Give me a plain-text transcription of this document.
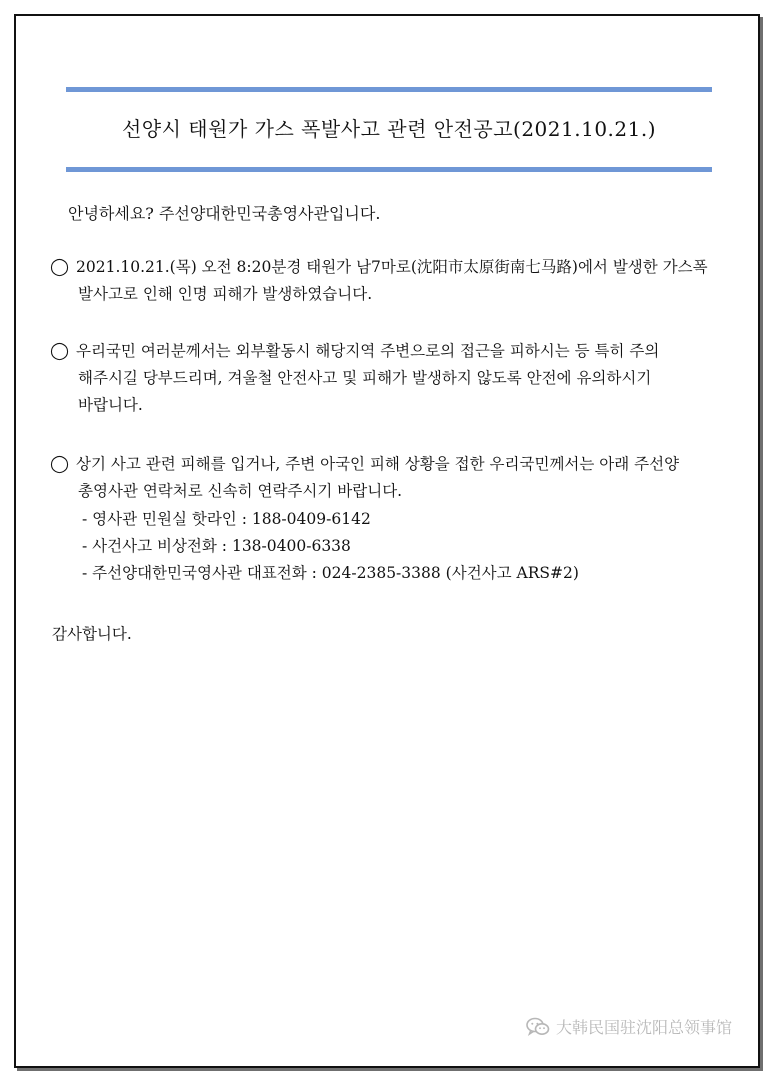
선양시 태원가 가스 폭발사고 관련 안전공고(2021.10.21.)
안녕하세요? 주선양대한민국총영사관입니다.
◯ 2021.10.21.(목) 오전 8:20분경 태원가 남7마로(沈阳市太原街南七马路)에서 발생한 가스폭
발사고로 인해 인명 피해가 발생하였습니다.
◯ 우리국민 여러분께서는 외부활동시 해당지역 주변으로의 접근을 피하시는 등 특히 주의
해주시길 당부드리며, 겨울철 안전사고 및 피해가 발생하지 않도록 안전에 유의하시기
바랍니다.
◯ 상기 사고 관련 피해를 입거나, 주변 아국인 피해 상황을 접한 우리국민께서는 아래 주선양
총영사관 연락처로 신속히 연락주시기 바랍니다.
- 영사관 민원실 핫라인 : 188-0409-6142
- 사건사고 비상전화 : 138-0400-6338
- 주선양대한민국영사관 대표전화 : 024-2385-3388 (사건사고 ARS#2)
감사합니다.
大韩民国驻沈阳总领事馆
